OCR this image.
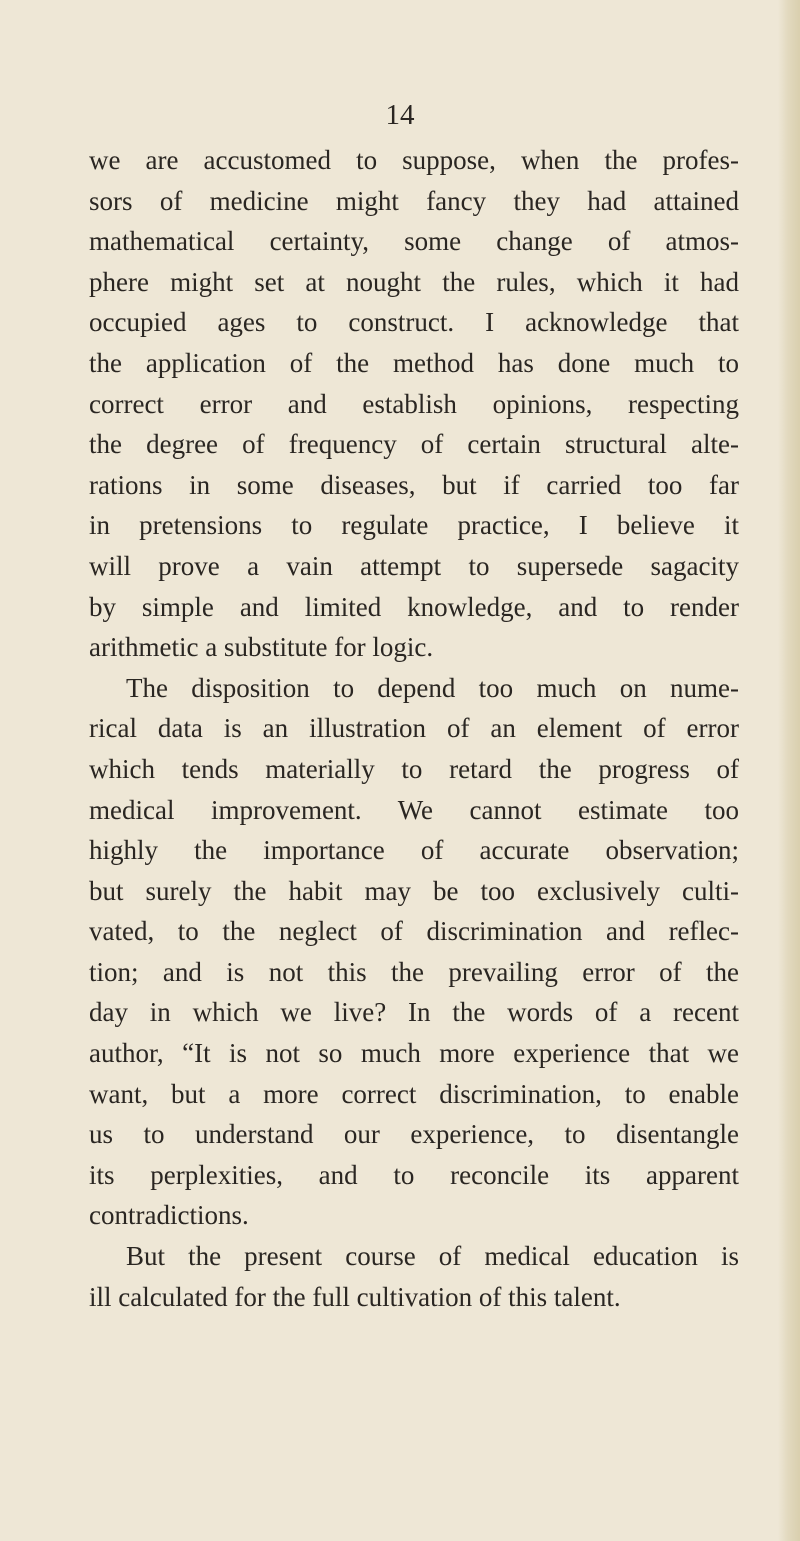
14
we are accustomed to suppose, when the profes-
sors of medicine might fancy they had attained
mathematical certainty, some change of atmos-
phere might set at nought the rules, which it had
occupied ages to construct. I acknowledge that
the application of the method has done much to
correct error and establish opinions, respecting
the degree of frequency of certain structural alte-
rations in some diseases, but if carried too far
in pretensions to regulate practice, I believe it
will prove a vain attempt to supersede sagacity
by simple and limited knowledge, and to render
arithmetic a substitute for logic.
The disposition to depend too much on nume-
rical data is an illustration of an element of error
which tends materially to retard the progress of
medical improvement. We cannot estimate too
highly the importance of accurate observation;
but surely the habit may be too exclusively culti-
vated, to the neglect of discrimination and reflec-
tion; and is not this the prevailing error of the
day in which we live? In the words of a recent
author, “It is not so much more experience that we
want, but a more correct discrimination, to enable
us to understand our experience, to disentangle
its perplexities, and to reconcile its apparent
contradictions.
But the present course of medical education is
ill calculated for the full cultivation of this talent.
